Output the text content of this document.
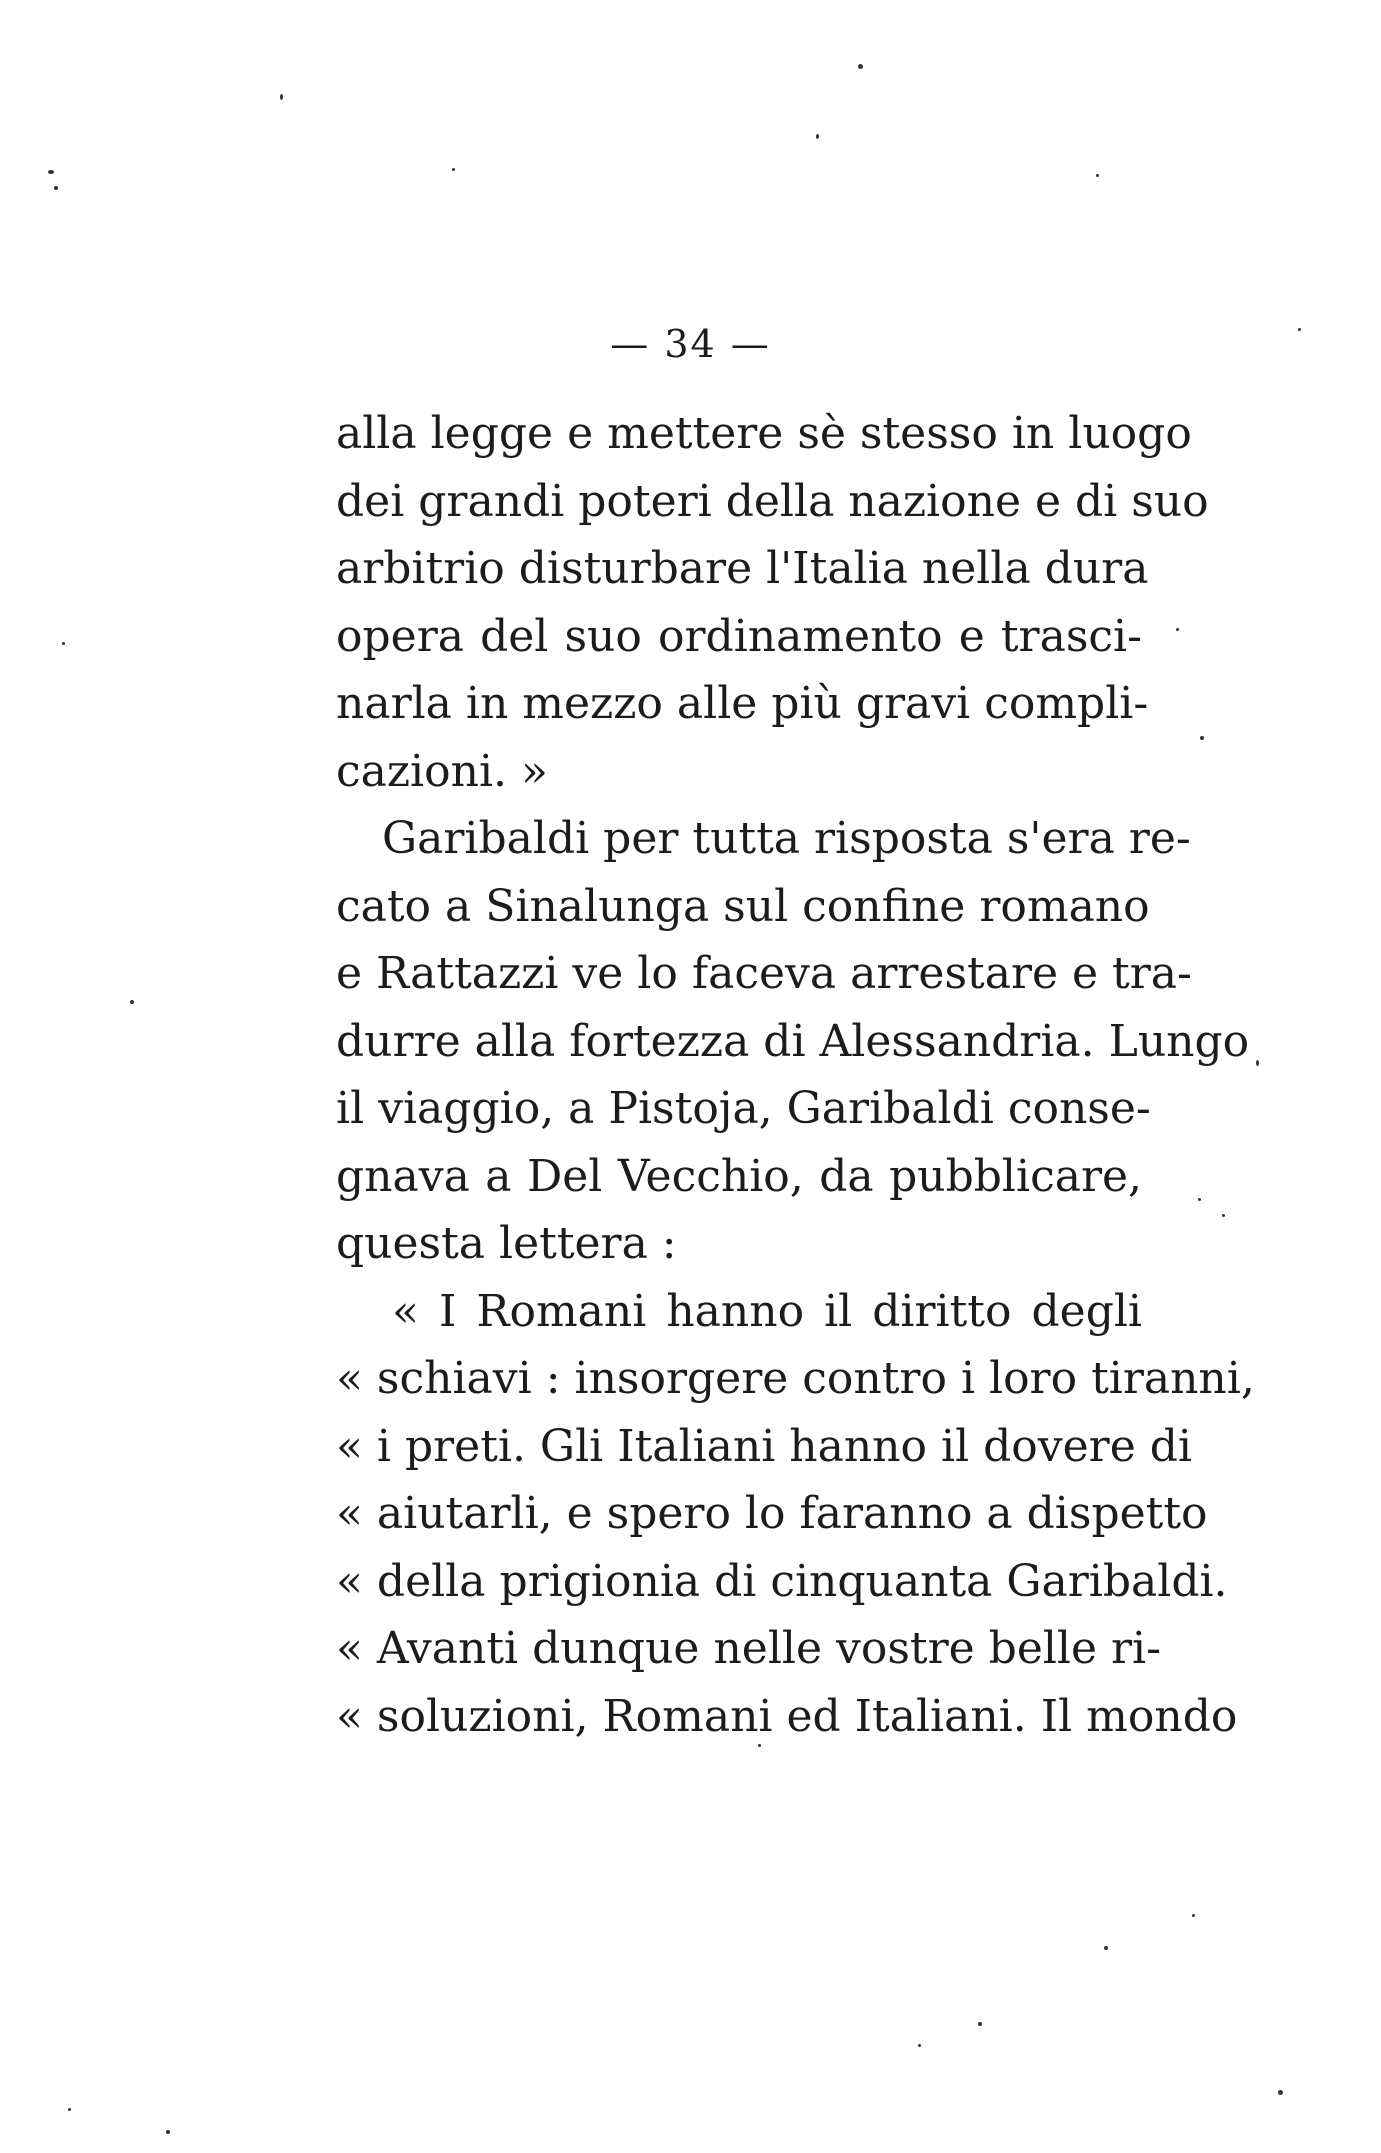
— 34 —
alla legge e mettere sè stesso in luogo
dei grandi poteri della nazione e di suo
arbitrio disturbare l'Italia nella dura
opera del suo ordinamento e trasci-
narla in mezzo alle più gravi compli-
cazioni. »
Garibaldi per tutta risposta s'era re-
cato a Sinalunga sul confine romano
e Rattazzi ve lo faceva arrestare e tra-
durre alla fortezza di Alessandria. Lungo
il viaggio, a Pistoja, Garibaldi conse-
gnava a Del Vecchio, da pubblicare,
questa lettera :
« I Romani hanno il diritto degli
« schiavi : insorgere contro i loro tiranni,
« i preti. Gli Italiani hanno il dovere di
« aiutarli, e spero lo faranno a dispetto
« della prigionia di cinquanta Garibaldi.
« Avanti dunque nelle vostre belle ri-
« soluzioni, Romani ed Italiani. Il mondo
